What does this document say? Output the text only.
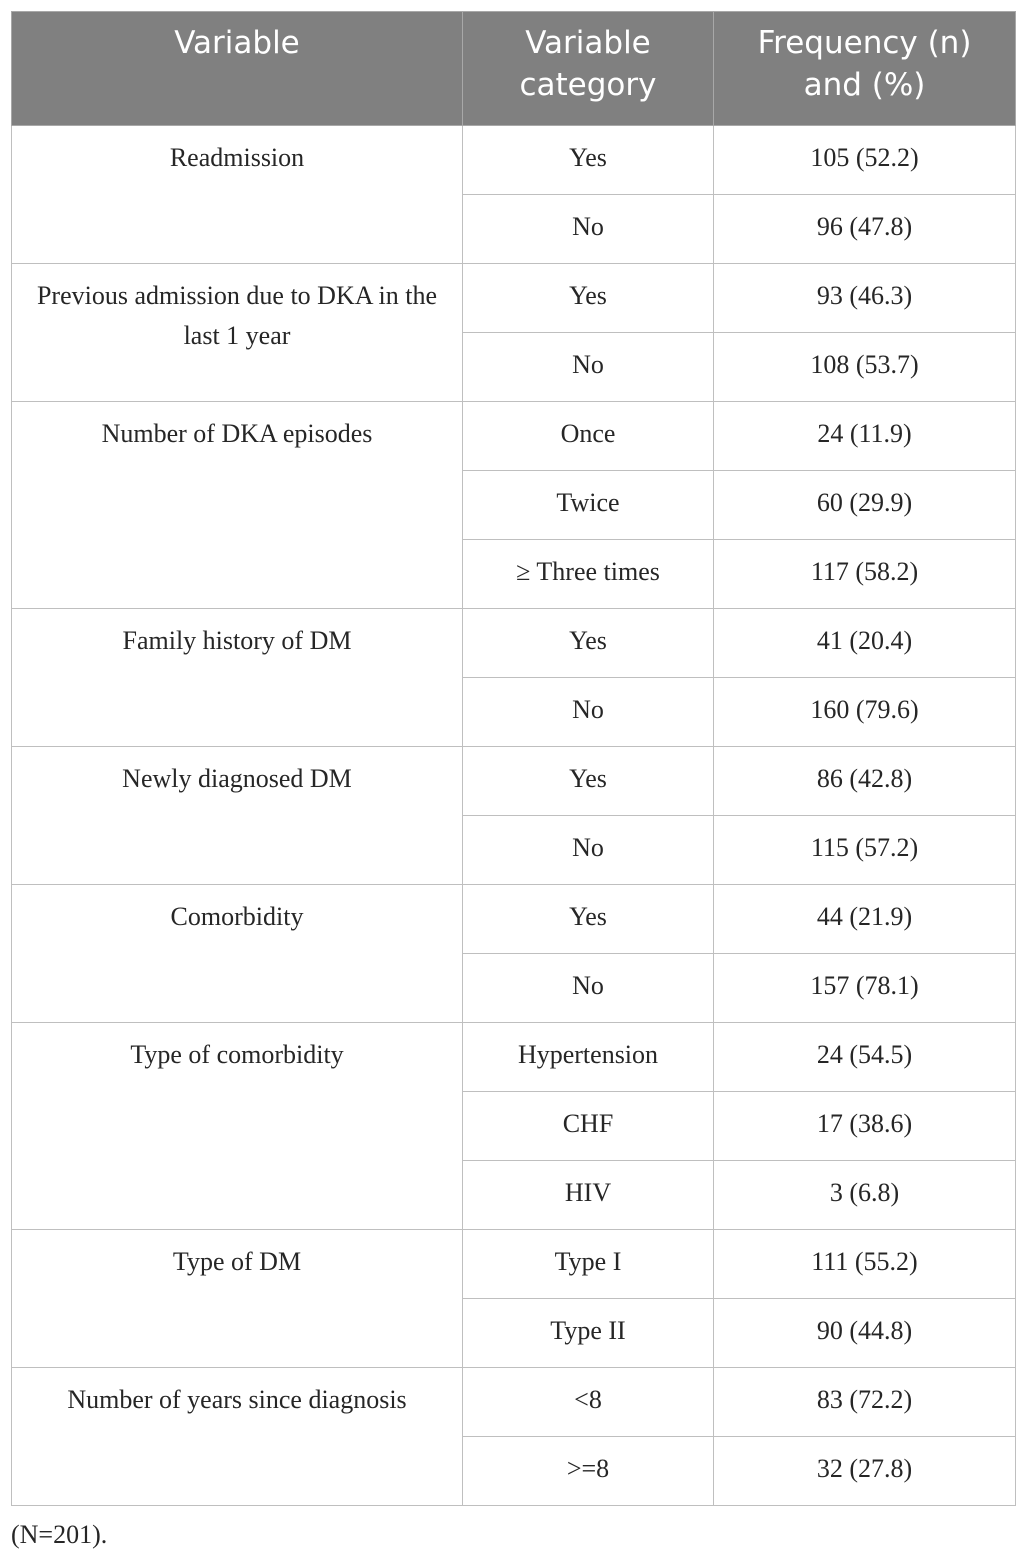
Variable	Variable category	Frequency (n) and (%)
Readmission	Yes	105 (52.2)
	No	96 (47.8)
Previous admission due to DKA in the last 1 year	Yes	93 (46.3)
	No	108 (53.7)
Number of DKA episodes	Once	24 (11.9)
	Twice	60 (29.9)
	≥ Three times	117 (58.2)
Family history of DM	Yes	41 (20.4)
	No	160 (79.6)
Newly diagnosed DM	Yes	86 (42.8)
	No	115 (57.2)
Comorbidity	Yes	44 (21.9)
	No	157 (78.1)
Type of comorbidity	Hypertension	24 (54.5)
	CHF	17 (38.6)
	HIV	3 (6.8)
Type of DM	Type I	111 (55.2)
	Type II	90 (44.8)
Number of years since diagnosis	<8	83 (72.2)
	>=8	32 (27.8)
(N=201).
